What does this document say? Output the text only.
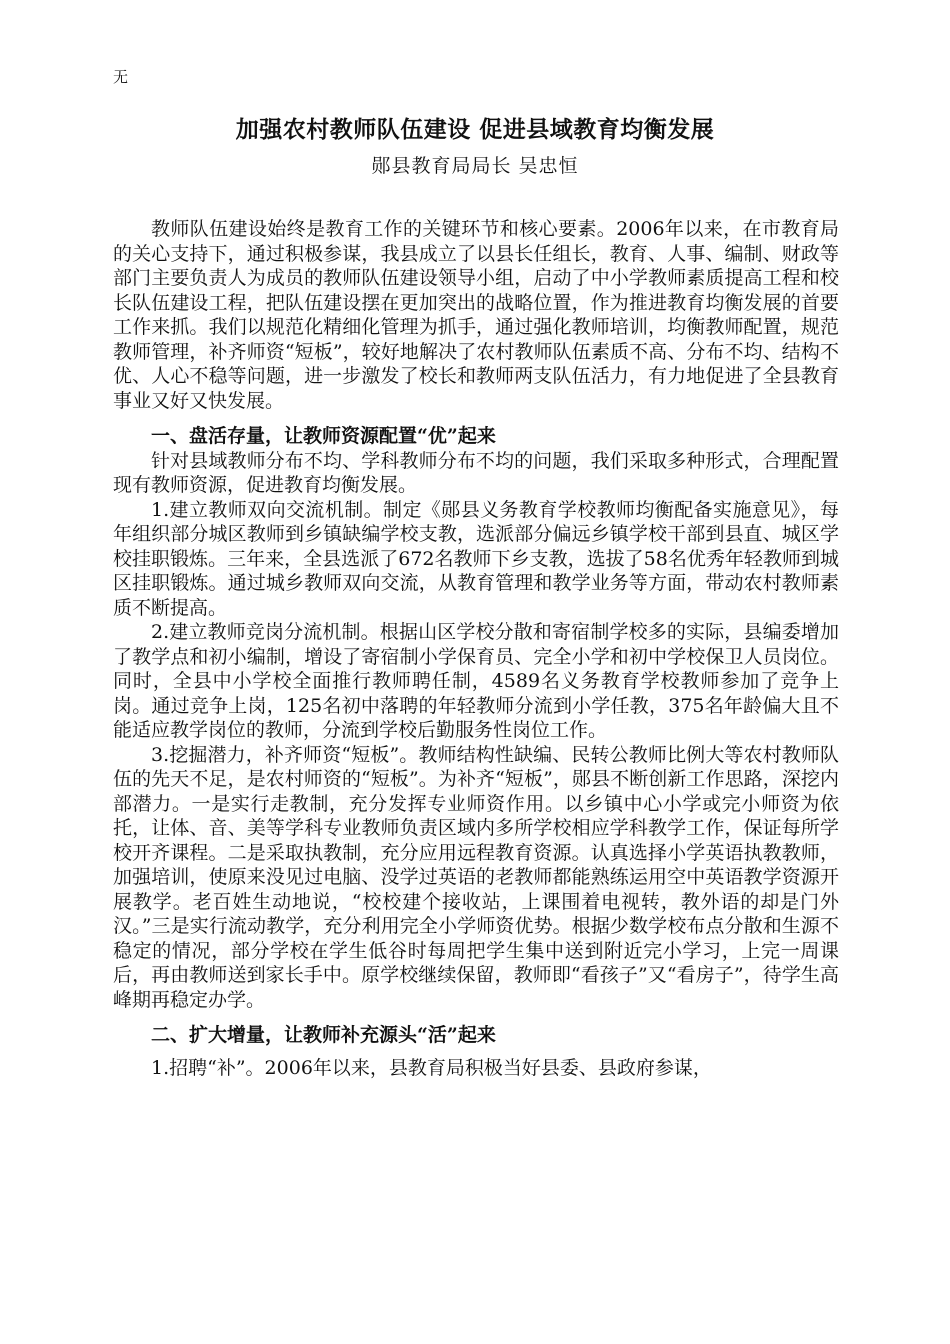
无
加强农村教师队伍建设 促进县域教育均衡发展
郧县教育局局长 吴忠恒

教师队伍建设始终是教育工作的关键环节和核心要素。2006年以来，在市教育局的关心支持下，通过积极参谋，我县成立了以县长任组长，教育、人事、编制、财政等部门主要负责人为成员的教师队伍建设领导小组，启动了中小学教师素质提高工程和校长队伍建设工程，把队伍建设摆在更加突出的战略位置，作为推进教育均衡发展的首要工作来抓。我们以规范化精细化管理为抓手，通过强化教师培训，均衡教师配置，规范教师管理，补齐师资“短板”，较好地解决了农村教师队伍素质不高、分布不均、结构不优、人心不稳等问题，进一步激发了校长和教师两支队伍活力，有力地促进了全县教育事业又好又快发展。

一、盘活存量，让教师资源配置“优”起来

针对县域教师分布不均、学科教师分布不均的问题，我们采取多种形式，合理配置现有教师资源，促进教育均衡发展。

1.建立教师双向交流机制。制定《郧县义务教育学校教师均衡配备实施意见》，每年组织部分城区教师到乡镇缺编学校支教，选派部分偏远乡镇学校干部到县直、城区学校挂职锻炼。三年来，全县选派了672名教师下乡支教，选拔了58名优秀年轻教师到城区挂职锻炼。通过城乡教师双向交流，从教育管理和教学业务等方面，带动农村教师素质不断提高。

2.建立教师竞岗分流机制。根据山区学校分散和寄宿制学校多的实际，县编委增加了教学点和初小编制，增设了寄宿制小学保育员、完全小学和初中学校保卫人员岗位。同时，全县中小学校全面推行教师聘任制，4589名义务教育学校教师参加了竞争上岗。通过竞争上岗，125名初中落聘的年轻教师分流到小学任教，375名年龄偏大且不能适应教学岗位的教师，分流到学校后勤服务性岗位工作。

3.挖掘潜力，补齐师资“短板”。教师结构性缺编、民转公教师比例大等农村教师队伍的先天不足，是农村师资的“短板”。为补齐“短板”，郧县不断创新工作思路，深挖内部潜力。一是实行走教制，充分发挥专业师资作用。以乡镇中心小学或完小师资为依托，让体、音、美等学科专业教师负责区域内多所学校相应学科教学工作，保证每所学校开齐课程。二是采取执教制，充分应用远程教育资源。认真选择小学英语执教教师，加强培训，使原来没见过电脑、没学过英语的老教师都能熟练运用空中英语教学资源开展教学。老百姓生动地说，“校校建个接收站，上课围着电视转，教外语的却是门外汉。”三是实行流动教学，充分利用完全小学师资优势。根据少数学校布点分散和生源不稳定的情况，部分学校在学生低谷时每周把学生集中送到附近完小学习，上完一周课后，再由教师送到家长手中。原学校继续保留，教师即“看孩子”又“看房子”，待学生高峰期再稳定办学。

二、扩大增量，让教师补充源头“活”起来

1.招聘“补”。2006年以来，县教育局积极当好县委、县政府参谋，
